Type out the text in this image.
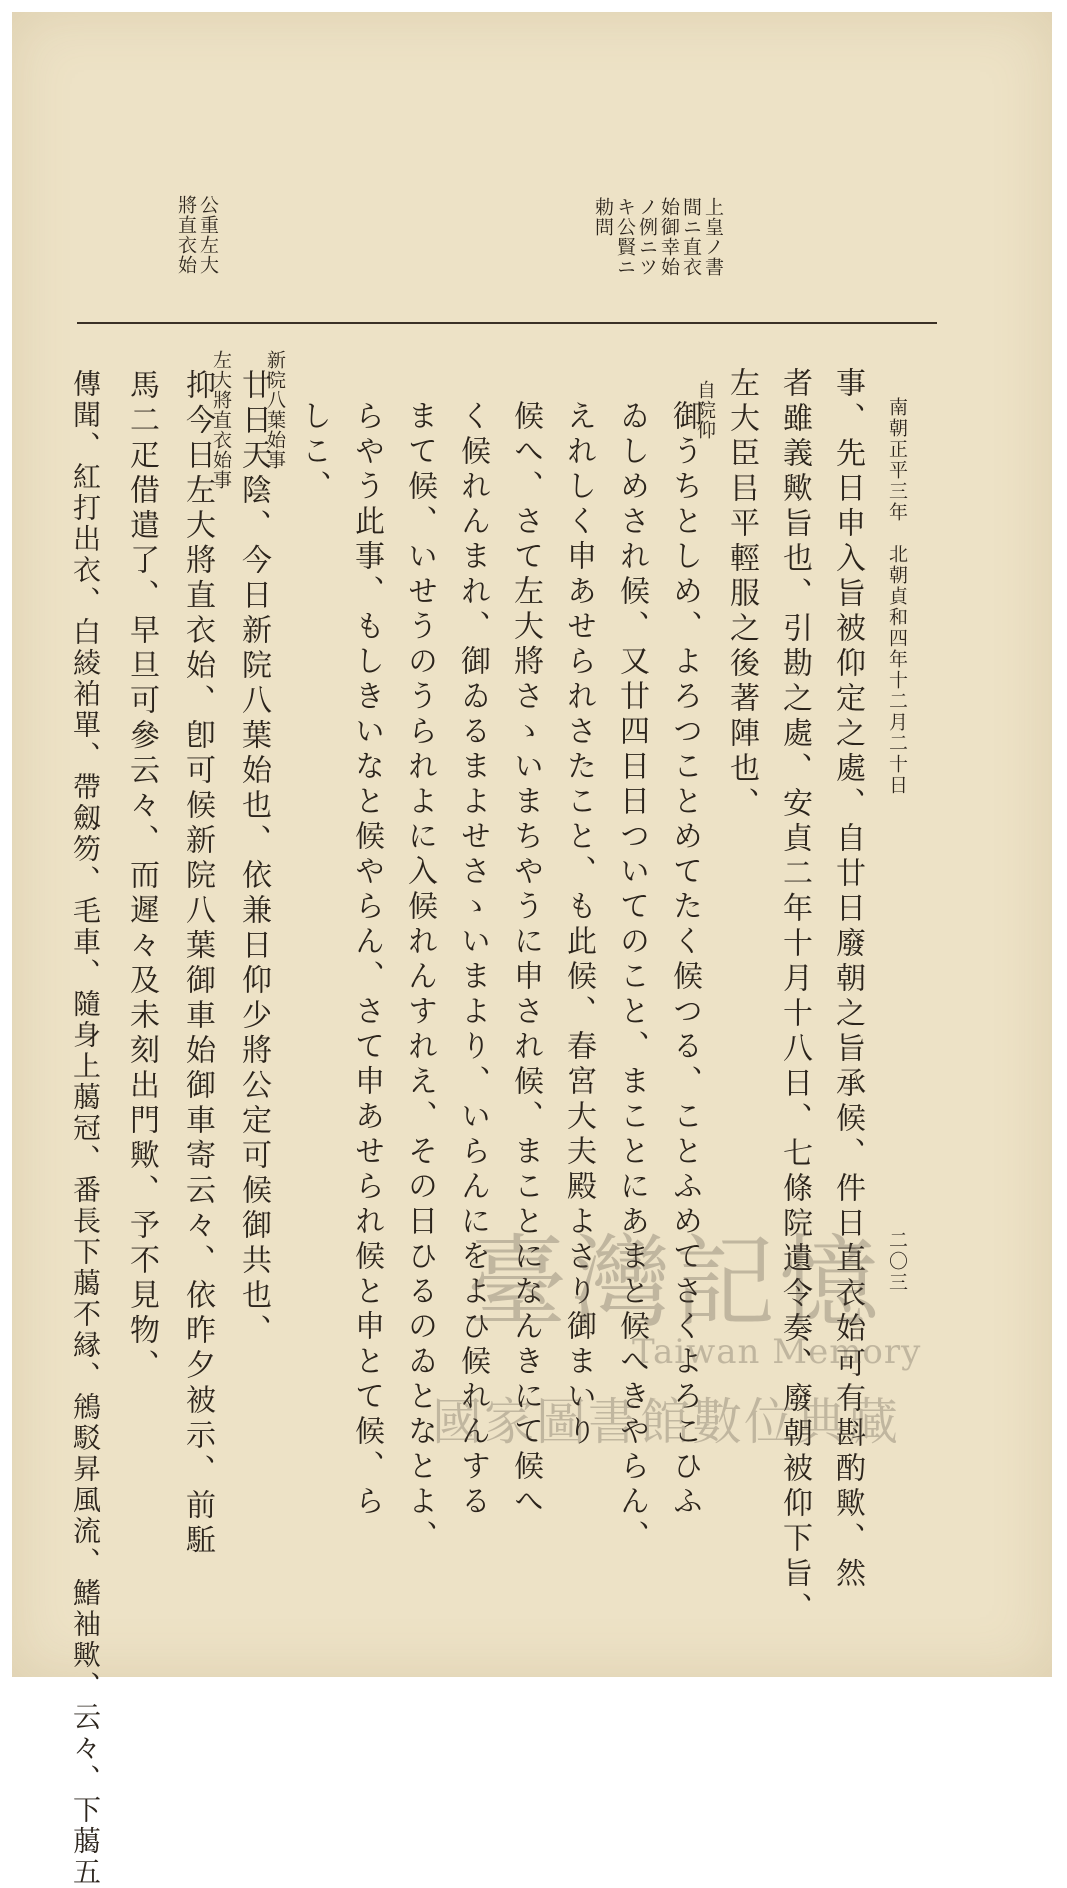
南朝正平三年　北朝貞和四年十二月二十日
二〇三
上皇ノ書
間ニ直衣
始御幸始
ノ例ニツ
キ公賢ニ
勅問
公重左大
將直衣始
事、先日申入旨被仰定之處、自廿日廢朝之旨承候、件日直衣始可有斟酌歟、然
者雖義歟旨也、引勘之處、安貞二年十月十八日、七條院遺令奏、廢朝被仰下旨、
左大臣㠯平輕服之後著陣也、
自院仰
御うちとしめ、よろつことめてたく候つる、ことふめてさくよろこひふ
ゐしめされ候、又廿四日日ついてのこと、まことにあまと候へきやらん、
えれしく申あせられさたこと、も此候、春宮大夫殿よさり御まいり
候へ、さて左大將さゝいまちやうに申され候、まことになんきにて候へ
く候れんまれ、御ゐるまよせさゝいまより、いらんにをよひ候れんする
まて候、いせうのうられよに入候れんすれえ、その日ひるのゐとなとよ、
らやう此事、もしきいなと候やらん、さて申あせられ候と申とて候、ら
しこ、
新院八葉始事
廿日天陰、今日新院八葉始也、依兼日仰少將公定可候御共也、
左大將直衣始事
抑今日左大將直衣始、卽可候新院八葉御車始御車寄云々、依昨夕被示、前駈
馬二疋借遣了、早旦可參云々、而遲々及未刻出門歟、予不見物、
傳聞、紅打出衣、白綾袙單、帶劔笏、毛車、隨身上﨟冠、番長下﨟不縁、鴘駁昇風流、鰭袖歟、云々、下﨟五	臺灣記憶
Taiwan Memory
國家圖書館數位典藏
